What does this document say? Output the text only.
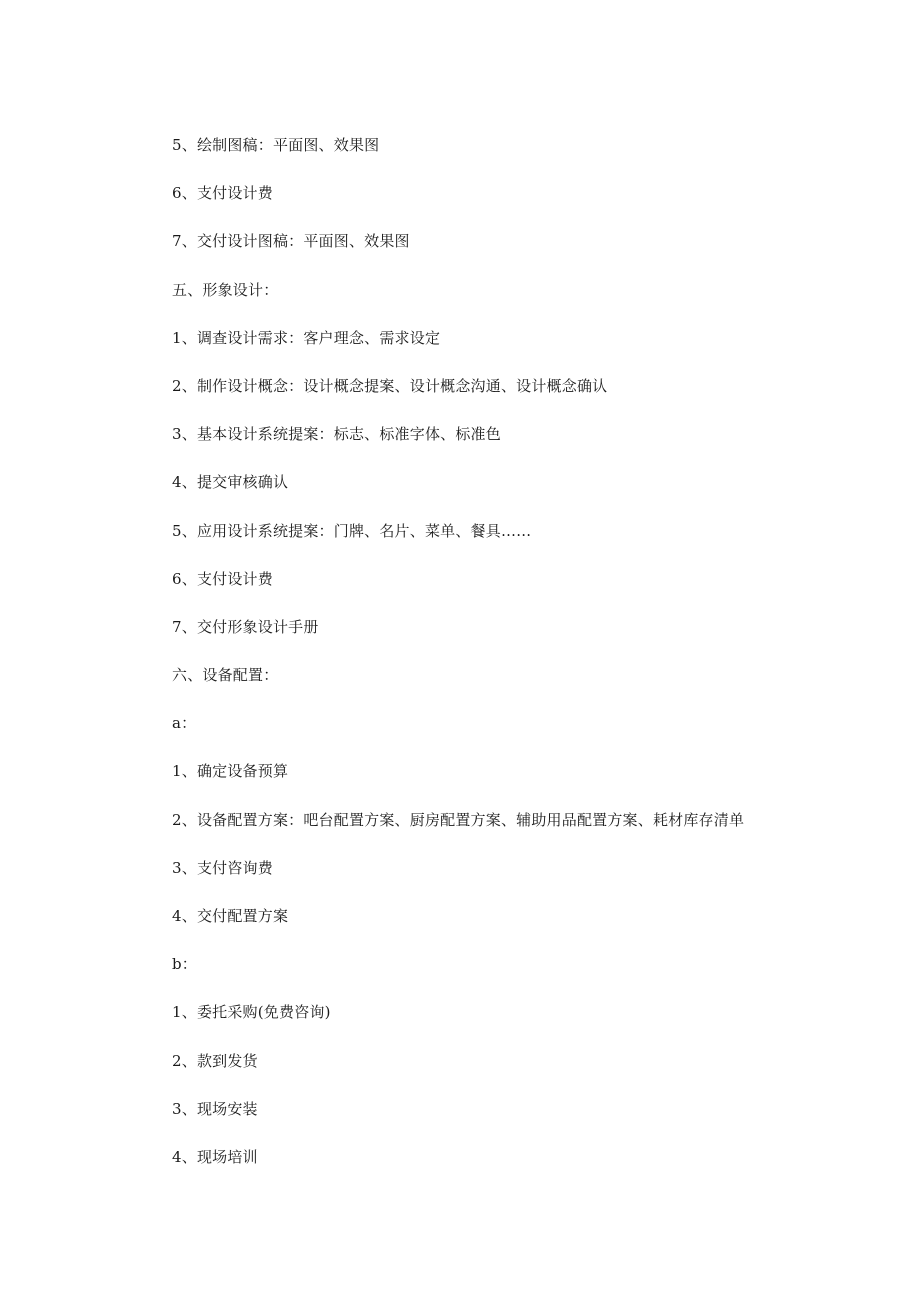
5、绘制图稿：平面图、效果图
6、支付设计费
7、交付设计图稿：平面图、效果图
五、形象设计：
1、调查设计需求：客户理念、需求设定
2、制作设计概念：设计概念提案、设计概念沟通、设计概念确认
3、基本设计系统提案：标志、标准字体、标准色
4、提交审核确认
5、应用设计系统提案：门牌、名片、菜单、餐具……
6、支付设计费
7、交付形象设计手册
六、设备配置：
a：
1、确定设备预算
2、设备配置方案：吧台配置方案、厨房配置方案、辅助用品配置方案、耗材库存清单
3、支付咨询费
4、交付配置方案
b：
1、委托采购(免费咨询)
2、款到发货
3、现场安装
4、现场培训
